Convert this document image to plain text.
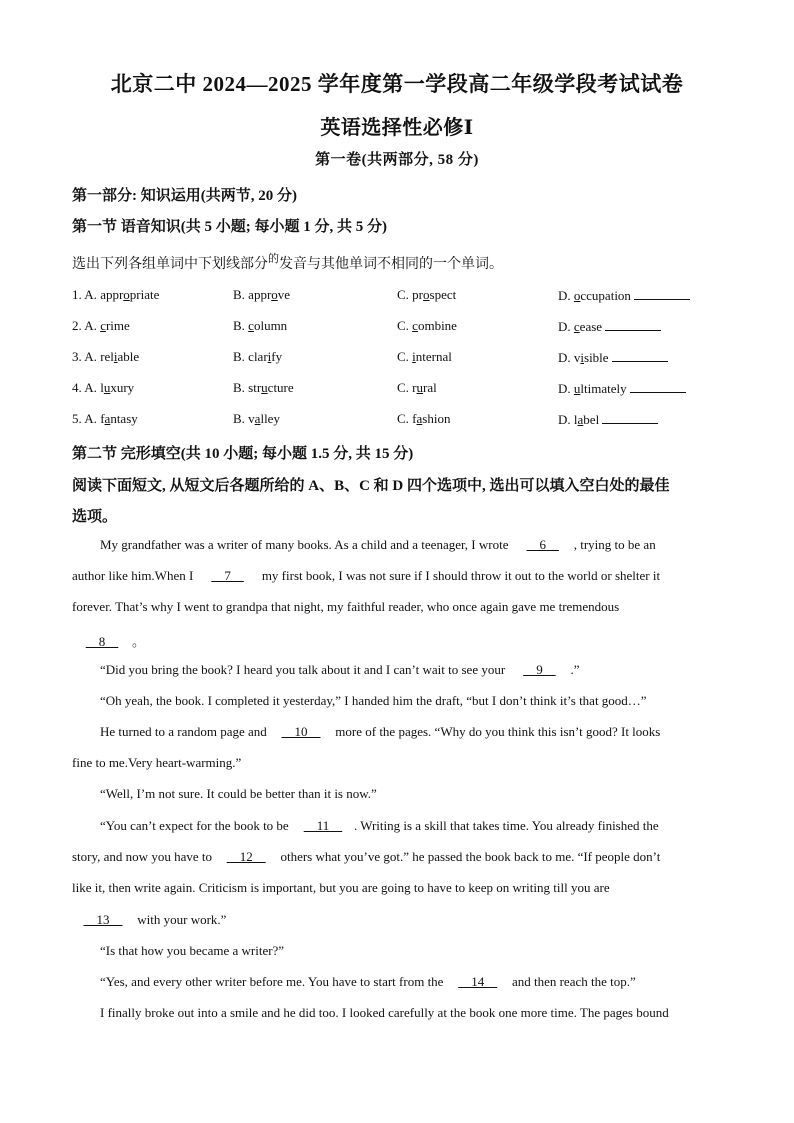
北京二中 2024—2025 学年度第一学段高二年级学段考试试卷
英语选择性必修Ⅰ
第一卷(共两部分, 58 分)
第一部分: 知识运用(共两节, 20 分)
第一节 语音知识(共 5 小题; 每小题 1 分, 共 5 分)
选出下列各组单词中下划线部分$^的$发音与其他单词不相同的一个单词。
1. A. appropriate	B. approve	C. prospect	D. occupation
2. A. crime	B. column	C. combine	D. cease
3. A. reliable	B. clarify	C. internal	D. visible
4. A. luxury	B. structure	C. rural	D. ultimately
5. A. fantasy	B. valley	C. fashion	D. label
第二节 完形填空(共 10 小题; 每小题 1.5 分, 共 15 分)
阅读下面短文, 从短文后各题所给的 A、B、C 和 D 四个选项中, 选出可以填入空白处的最佳
选项。
My grandfather was a writer of many books. As a child and a teenager, I wrote     6    , trying to be an
author like him.When I     7     my first book, I was not sure if I should throw it out to the world or shelter it
forever. That’s why I went to grandpa that night, my faithful reader, who once again gave me tremendous
8    。
“Did you bring the book? I heard you talk about it and I can’t wait to see your     9    .”
“Oh yeah, the book. I completed it yesterday,” I handed him the draft, “but I don’t think it’s that good…”
He turned to a random page and     10     more of the pages. “Why do you think this isn’t good? It looks
fine to me.Very heart-warming.”
“Well, I’m not sure. It could be better than it is now.”
“You can’t expect for the book to be     11    . Writing is a skill that takes time. You already finished the
story, and now you have to     12     others what you’ve got.” he passed the book back to me. “If people don’t
like it, then write again. Criticism is important, but you are going to have to keep on writing till you are
13     with your work.”
“Is that how you became a writer?”
“Yes, and every other writer before me. You have to start from the     14     and then reach the top.”
I finally broke out into a smile and he did too. I looked carefully at the book one more time. The pages bound
